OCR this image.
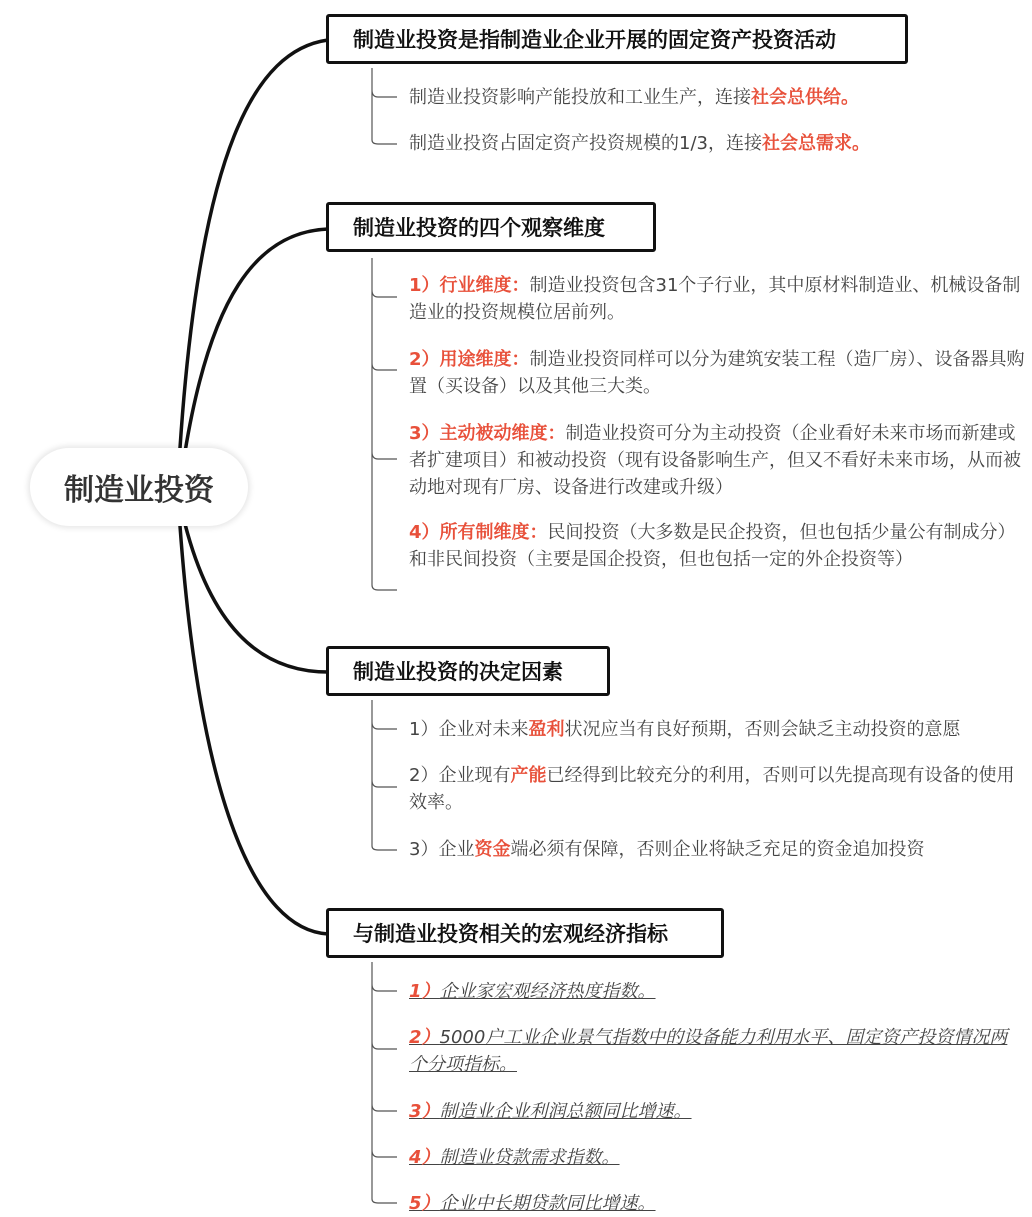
制造业投资
制造业投资是指制造业企业开展的固定资产投资活动
制造业投资影响产能投放和工业生产，连接社会总供给。
制造业投资占固定资产投资规模的1/3，连接社会总需求。
制造业投资的四个观察维度
1）行业维度：制造业投资包含31个子行业，其中原材料制造业、机械设备制造业的投资规模位居前列。
2）用途维度：制造业投资同样可以分为建筑安装工程（造厂房）、设备器具购置（买设备）以及其他三大类。
3）主动被动维度：制造业投资可分为主动投资（企业看好未来市场而新建或者扩建项目）和被动投资（现有设备影响生产，但又不看好未来市场，从而被动地对现有厂房、设备进行改建或升级）
4）所有制维度：民间投资（大多数是民企投资，但也包括少量公有制成分）和非民间投资（主要是国企投资，但也包括一定的外企投资等）
制造业投资的决定因素
1）企业对未来盈利状况应当有良好预期，否则会缺乏主动投资的意愿
2）企业现有产能已经得到比较充分的利用，否则可以先提高现有设备的使用效率。
3）企业资金端必须有保障，否则企业将缺乏充足的资金追加投资
与制造业投资相关的宏观经济指标
1）企业家宏观经济热度指数。
2）5000户工业企业景气指数中的设备能力利用水平、固定资产投资情况两个分项指标。
3）制造业企业利润总额同比增速。
4）制造业贷款需求指数。
5）企业中长期贷款同比增速。
